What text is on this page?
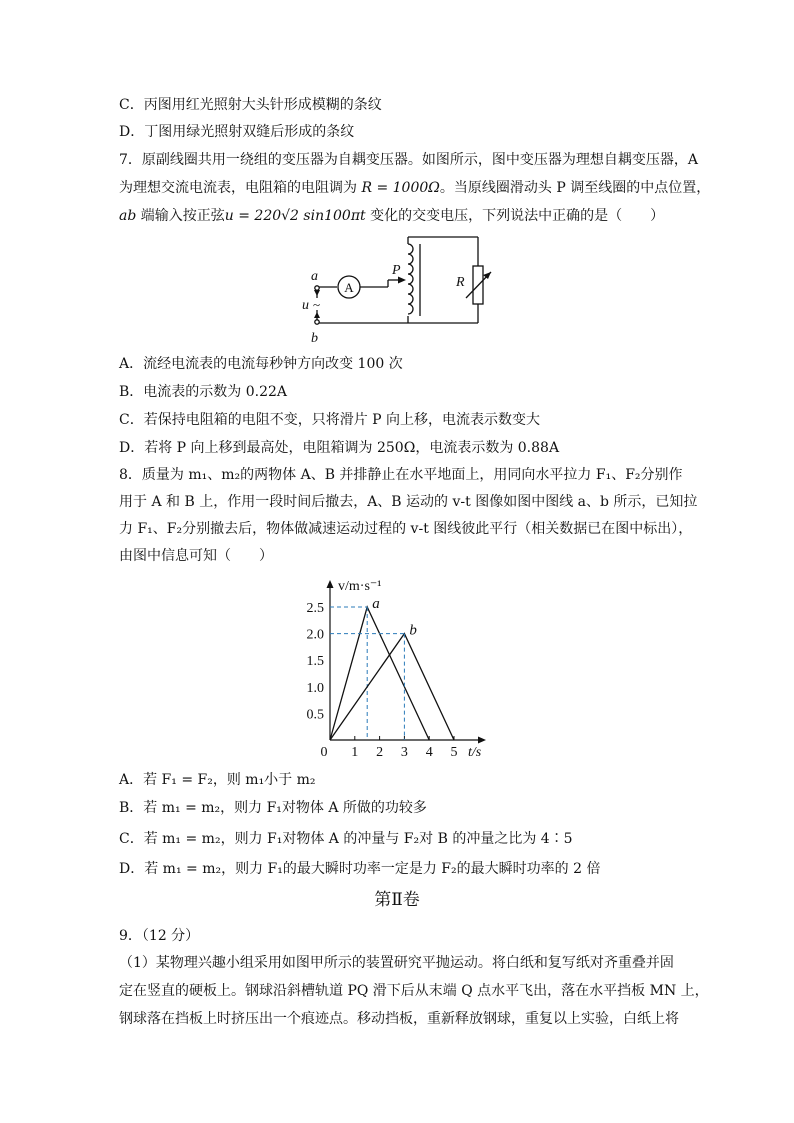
C．丙图用红光照射大头针形成模糊的条纹
D．丁图用绿光照射双缝后形成的条纹
7．原副线圈共用一绕组的变压器为自耦变压器。如图所示，图中变压器为理想自耦变压器，A
为理想交流电流表，电阻箱的电阻调为 R = 1000Ω。当原线圈滑动头 P 调至线圈的中点位置，
ab 端输入按正弦u = 220√2 sin100πt 变化的交变电压，下列说法中正确的是（　　）
a
b
u
P
R
~
A
A．流经电流表的电流每秒钟方向改变 100 次
B．电流表的示数为 0.22A
C．若保持电阻箱的电阻不变，只将滑片 P 向上移，电流表示数变大
D．若将 P 向上移到最高处，电阻箱调为 250Ω，电流表示数为 0.88A
8．质量为 m₁、m₂的两物体 A、B 并排静止在水平地面上，用同向水平拉力 F₁、F₂分别作
用于 A 和 B 上，作用一段时间后撤去，A、B 运动的 v-t 图像如图中图线 a、b 所示，已知拉
力 F₁、F₂分别撤去后，物体做减速运动过程的 v-t 图线彼此平行（相关数据已在图中标出），
由图中信息可知（　　）
1 2 3 4 5
0.5
1.0
1.5
2.0
2.5	a
b
v/m·s⁻¹
t/s
0
A．若 F₁ = F₂，则 m₁小于 m₂
B．若 m₁ = m₂，则力 F₁对物体 A 所做的功较多
C．若 m₁ = m₂，则力 F₁对物体 A 的冲量与 F₂对 B 的冲量之比为 4∶5
D．若 m₁ = m₂，则力 F₁的最大瞬时功率一定是力 F₂的最大瞬时功率的 2 倍
第Ⅱ卷
9．（12 分）
（1）某物理兴趣小组采用如图甲所示的装置研究平抛运动。将白纸和复写纸对齐重叠并固
定在竖直的硬板上。钢球沿斜槽轨道 PQ 滑下后从末端 Q 点水平飞出，落在水平挡板 MN 上，
钢球落在挡板上时挤压出一个痕迹点。移动挡板，重新释放钢球，重复以上实验，白纸上将
